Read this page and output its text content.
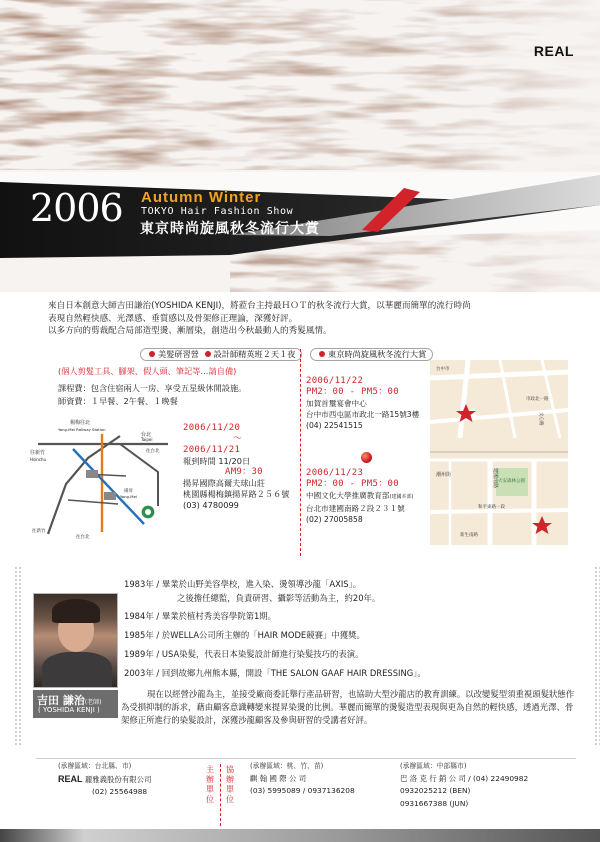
REAL
2006 Autumn Winter
TOKYO Hair Fashion Show
東京時尚旋風秋冬流行大賞
來自日本創意大師吉田謙治(YOSHIDA KENJI)，將蒞台主持最ＨＯＴ的秋冬流行大賞，以華麗而簡單的流行時尚
表現自然輕快感、光澤感、垂質感以及骨架修正理論，深獲好評。
以多方向的剪裁配合局部造型燙、漸層染，創造出今秋最動人的秀髮風情。
美髮研習營 設計師精英班２天１夜
(個人剪髮工具、腳架、假人頭、筆記等…請自備)
課程費：包含住宿兩人一房、享受五星級休閒設施。
師資費：１早餐、2午餐、１晚餐
楊梅往北
Yang-Mei Railway Station
往新竹
Hsinchu
台北
Taipei
往台北
往新竹
往台北
揚昇
Yang-Mei
2006/11/20
～
2006/11/21
報到時間 11/20日
AM9：30
揚昇國際高爾夫球山莊
桃園縣楊梅鎮揚昇路２５６號
(03) 4780099
東京時尚旋風秋冬流行大賞
2006/11/22
PM2：00 - PM5：00
加賀首璽宴會中心
台中市西屯區市政北一路15號3樓
(04) 22541515
2006/11/23
PM2：00 - PM5：00
中國文化大學推廣教育部(建國本部)
台北市建國南路２段２３１號
(02) 27005858
文心路
市政北一路
台中市
潮州街	建國南路 大安森林公園
和平東路一段
新生南路
吉田 謙治(老師)
( YOSHIDA KENJI )
1983年 / 畢業於山野美容學校，進入染、燙領導沙龍「AXIS」。
之後擔任總監，負責研習、攝影等活動為主，約20年。
1984年 / 畢業於植村秀美容學院第1期。
1985年 / 於WELLA公司所主辦的「HAIR MODE競賽」中獲獎。
1989年 / USA染髮，代表日本染髮設計師進行染髮技巧的表演。
2003年 / 回到故鄉九州熊本縣，開設「THE SALON GAAF HAIR DRESSING」。
現在以經營沙龍為主，並接受廠商委託舉行產品研習，也協助大型沙龍店的教育訓練。以改變髮型須重視頭髮狀態作為受損抑制的訴求，藉由顧客意識轉變來提昇染燙的比例。華麗而簡單的燙髮造型表現與更為自然的輕快感，透過光澤、骨架修正所進行的染髮設計，深獲沙龍顧客及參與研習的受講者好評。
(承辦區域：台北縣、市)
REAL 麗雅義股份有限公司
(02) 25564988
主
辦
單
位
協
辦
單
位
(承辦區域：桃、竹、苗)
麒 翰 國 際 公 司
(03) 5995089 / 0937136208
(承辦區域：中部縣市)
巴 洛 克 行 銷 公 司 / (04) 22490982
0932025212 (BEN)
0931667388 (JUN)
